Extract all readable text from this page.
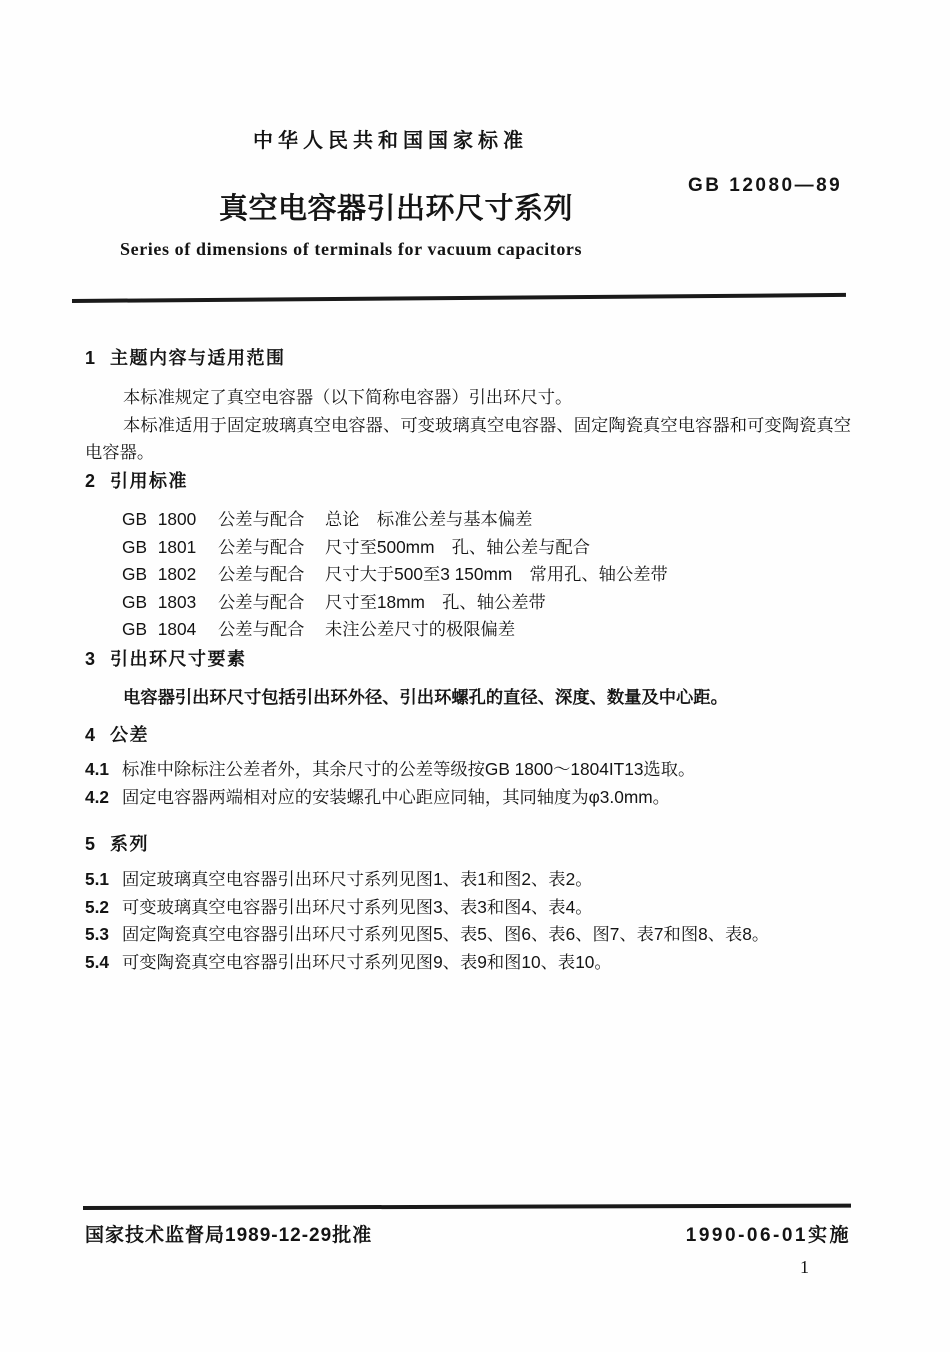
中华人民共和国国家标准
GB 12080—89
真空电容器引出环尺寸系列
Series of dimensions of terminals for vacuum capacitors
1 主题内容与适用范围

本标准规定了真空电容器（以下简称电容器）引出环尺寸。

本标准适用于固定玻璃真空电容器、可变玻璃真空电容器、固定陶瓷真空电容器和可变陶瓷真空电容器。

2 引用标准
GB 1800	公差与配合 总论　标准公差与基本偏差
GB 1801	公差与配合 尺寸至500mm　孔、轴公差与配合
GB 1802	公差与配合 尺寸大于500至3 150mm　常用孔、轴公差带
GB 1803	公差与配合 尺寸至18mm　孔、轴公差带
GB 1804	公差与配合 未注公差尺寸的极限偏差
3 引出环尺寸要素

电容器引出环尺寸包括引出环外径、引出环螺孔的直径、深度、数量及中心距。

4 公差
4.1 标准中除标注公差者外，其余尺寸的公差等级按GB 1800～1804IT13选取。
4.2 固定电容器两端相对应的安装螺孔中心距应同轴，其同轴度为φ3.0mm。
5 系列
5.1 固定玻璃真空电容器引出环尺寸系列见图1、表1和图2、表2。
5.2 可变玻璃真空电容器引出环尺寸系列见图3、表3和图4、表4。
5.3 固定陶瓷真空电容器引出环尺寸系列见图5、表5、图6、表6、图7、表7和图8、表8。
5.4 可变陶瓷真空电容器引出环尺寸系列见图9、表9和图10、表10。
国家技术监督局1989-12-29批准	1990-06-01实施
1
